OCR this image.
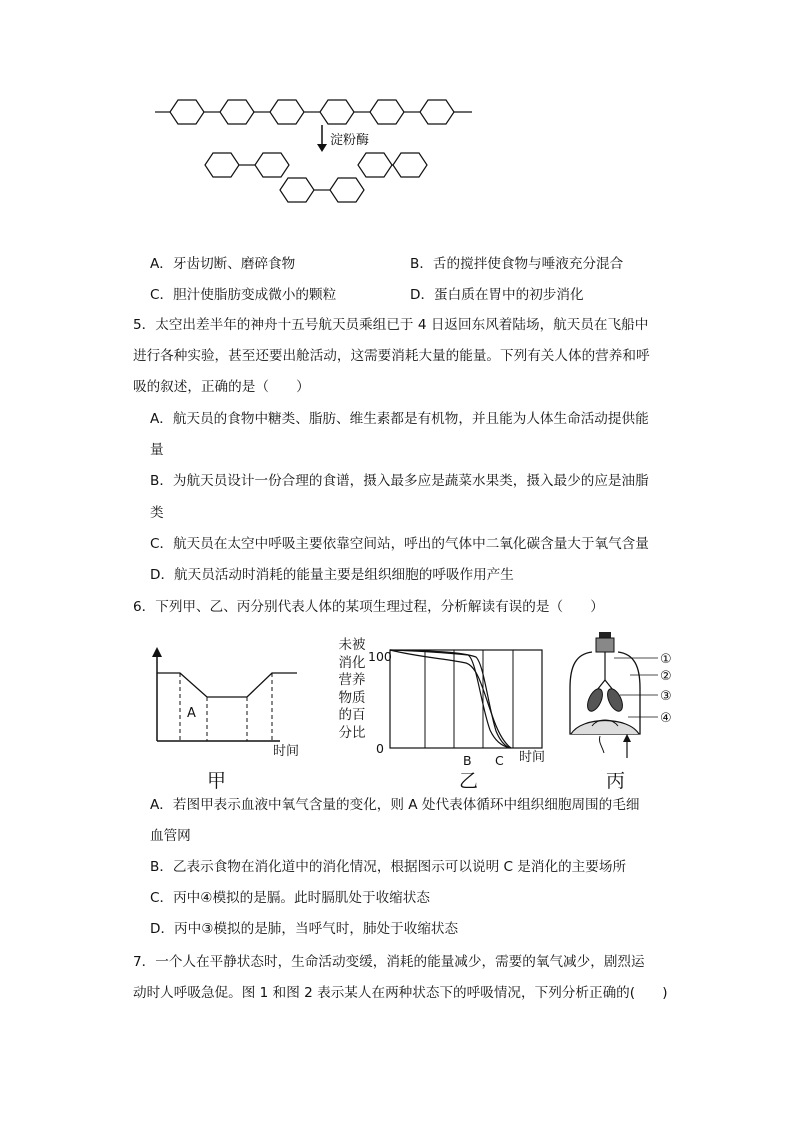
淀粉酶
A．牙齿切断、磨碎食物	B．舌的搅拌使食物与唾液充分混合
C．胆汁使脂肪变成微小的颗粒	D．蛋白质在胃中的初步消化
5．太空出差半年的神舟十五号航天员乘组已于 4 日返回东风着陆场，航天员在飞船中
进行各种实验，甚至还要出舱活动，这需要消耗大量的能量。下列有关人体的营养和呼
吸的叙述，正确的是（　　）
A．航天员的食物中糖类、脂肪、维生素都是有机物，并且能为人体生命活动提供能
量
B．为航天员设计一份合理的食谱，摄入最多应是蔬菜水果类，摄入最少的应是油脂
类
C．航天员在太空中呼吸主要依靠空间站，呼出的气体中二氧化碳含量大于氧气含量
D．航天员活动时消耗的能量主要是组织细胞的呼吸作用产生
6．下列甲、乙、丙分别代表人体的某项生理过程，分析解读有误的是（　　）
A
时间
甲
未被
消化
营养
物质
的百
分比
100
0
B C 时间
乙
①
②
③
④
丙
A．若图甲表示血液中氧气含量的变化，则 A 处代表体循环中组织细胞周围的毛细
血管网
B．乙表示食物在消化道中的消化情况，根据图示可以说明 C 是消化的主要场所
C．丙中④模拟的是膈。此时膈肌处于收缩状态
D．丙中③模拟的是肺，当呼气时，肺处于收缩状态
7．一个人在平静状态时，生命活动变缓，消耗的能量减少，需要的氧气减少，剧烈运
动时人呼吸急促。图 1 和图 2 表示某人在两种状态下的呼吸情况，下列分析正确的(　　)
